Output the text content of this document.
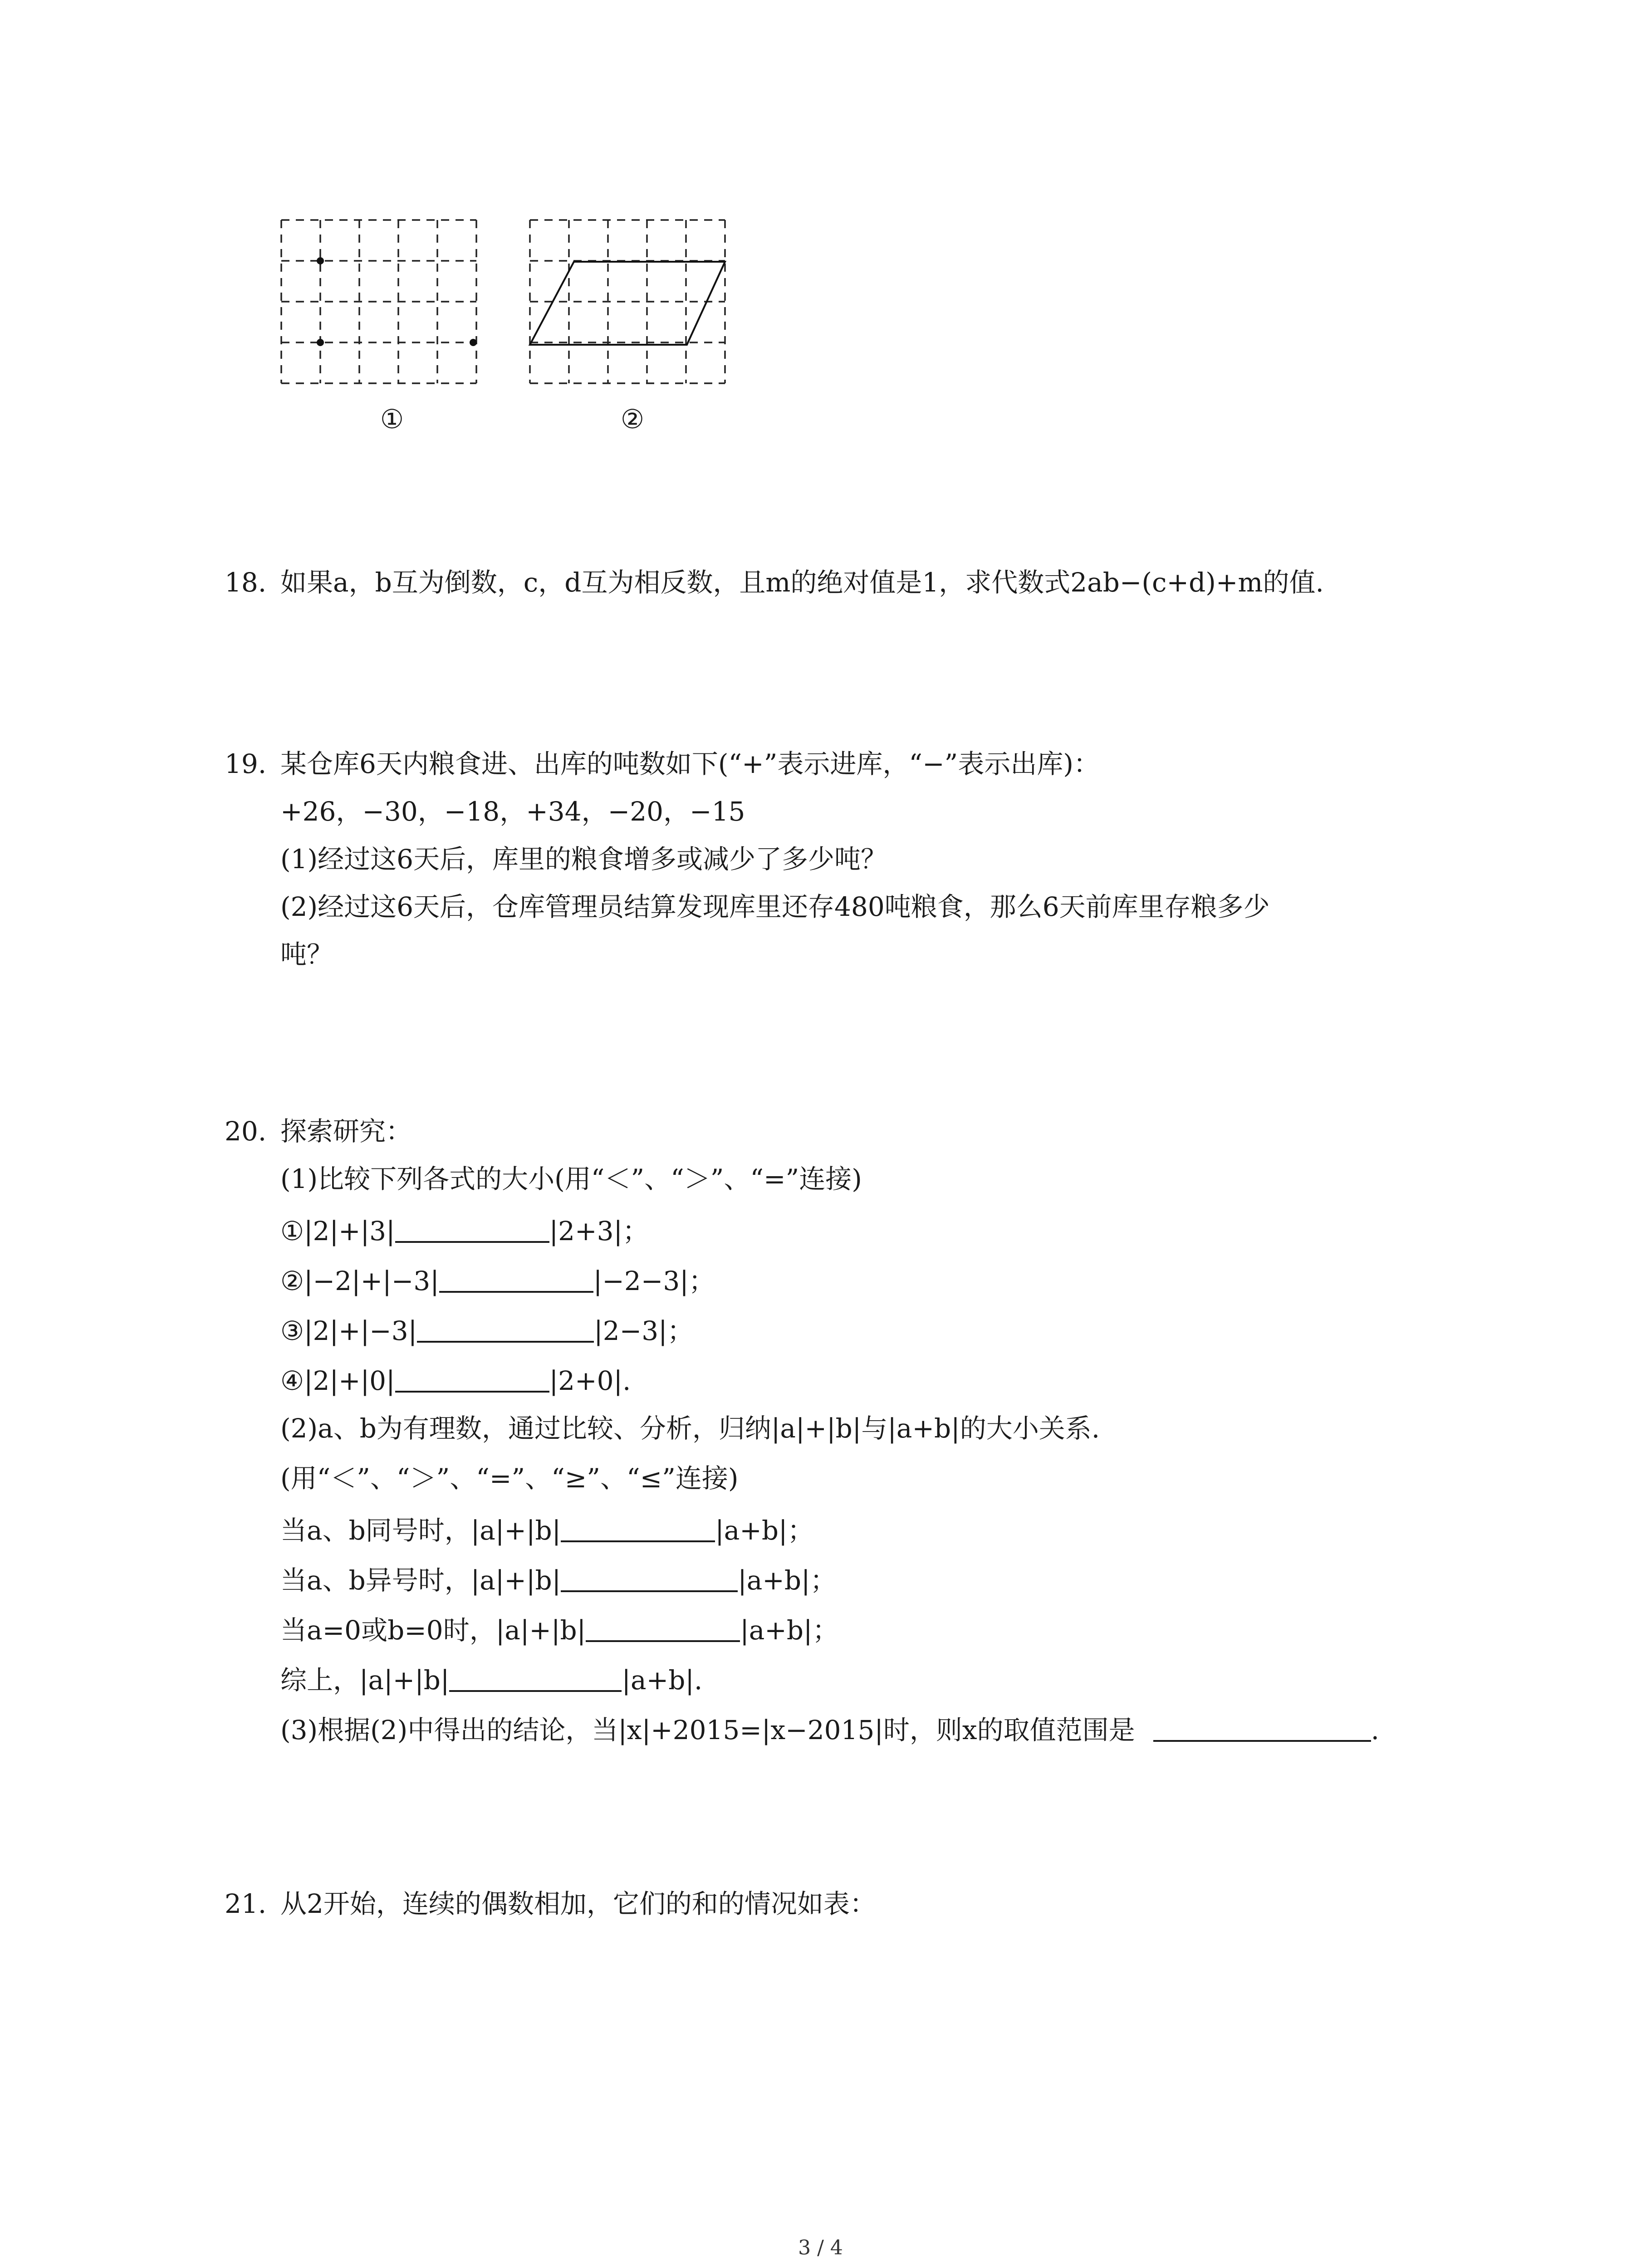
①	②
18. 如果a，b互为倒数，c，d互为相反数，且m的绝对值是1，求代数式2ab−(c+d)+m的值.
19. 某仓库6天内粮食进、出库的吨数如下(“+”表示进库，“−”表示出库)：
+26，−30，−18，+34，−20，−15
(1)经过这6天后，库里的粮食增多或减少了多少吨？
(2)经过这6天后，仓库管理员结算发现库里还存480吨粮食，那么6天前库里存粮多少
吨？
20. 探索研究：
(1)比较下列各式的大小(用“＜”、“＞”、“=”连接)
①|2|+|3|	|2+3|；
②|−2|+|−3|	|−2−3|；
③|2|+|−3|	|2−3|；
④|2|+|0|	|2+0|.
(2)a、b为有理数，通过比较、分析，归纳|a|+|b|与|a+b|的大小关系.
(用“＜”、“＞”、“=”、“≥”、“≤”连接)
当a、b同号时，|a|+|b|	|a+b|；
当a、b异号时，|a|+|b|	|a+b|；
当a=0或b=0时，|a|+|b|	|a+b|；
综上，|a|+|b|	|a+b|.
(3)根据(2)中得出的结论，当|x|+2015=|x−2015|时，则x的取值范围是	.
21. 从2开始，连续的偶数相加，它们的和的情况如表：
3 / 4
